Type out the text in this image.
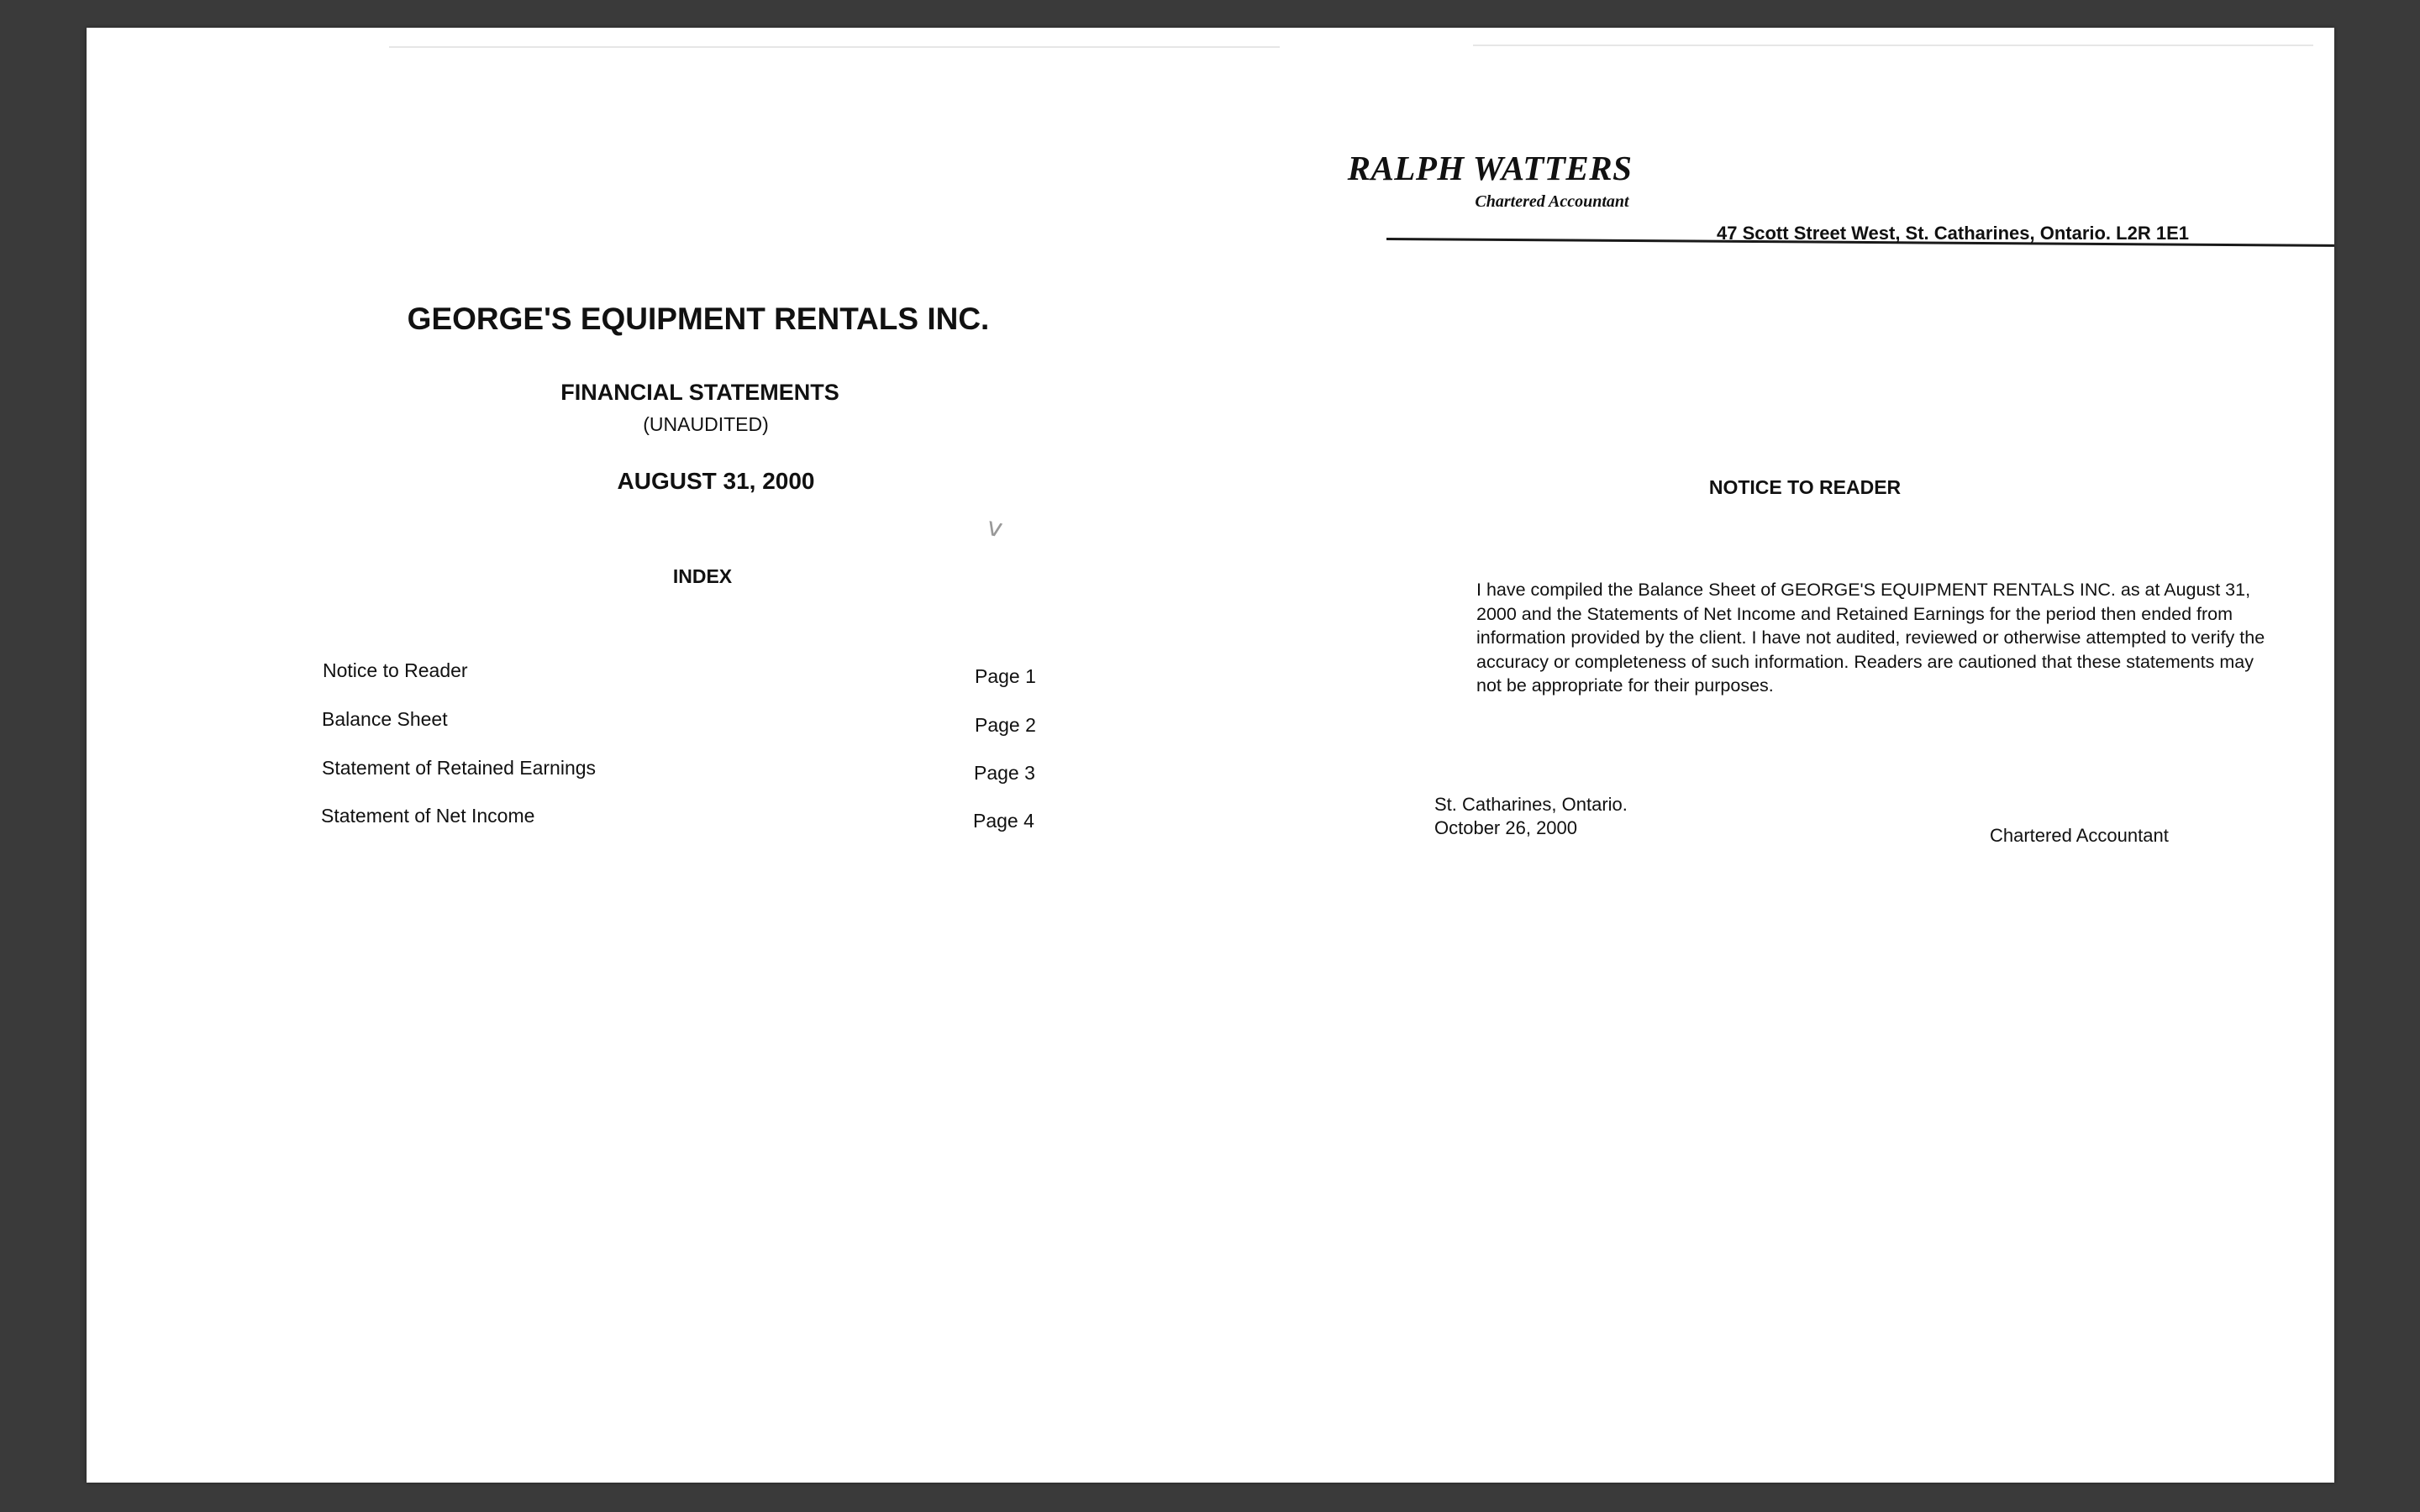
GEORGE'S EQUIPMENT RENTALS INC.
FINANCIAL STATEMENTS
(UNAUDITED)
AUGUST 31, 2000
ⅴ
INDEX
Notice to Reader	Page 1
Balance Sheet	Page 2
Statement of Retained Earnings	Page 3
Statement of Net Income	Page 4
RALPH WATTERS
Chartered Accountant
47 Scott Street West, St. Catharines, Ontario. L2R 1E1
NOTICE TO READER
I have compiled the Balance Sheet of GEORGE'S EQUIPMENT RENTALS INC. as at August 31, 2000 and the Statements of Net Income and Retained Earnings for the period then ended from information provided by the client. I have not audited, reviewed or otherwise attempted to verify the accuracy or completeness of such information. Readers are cautioned that these statements may not be appropriate for their purposes.
St. Catharines, Ontario.
October 26, 2000	Chartered Accountant
